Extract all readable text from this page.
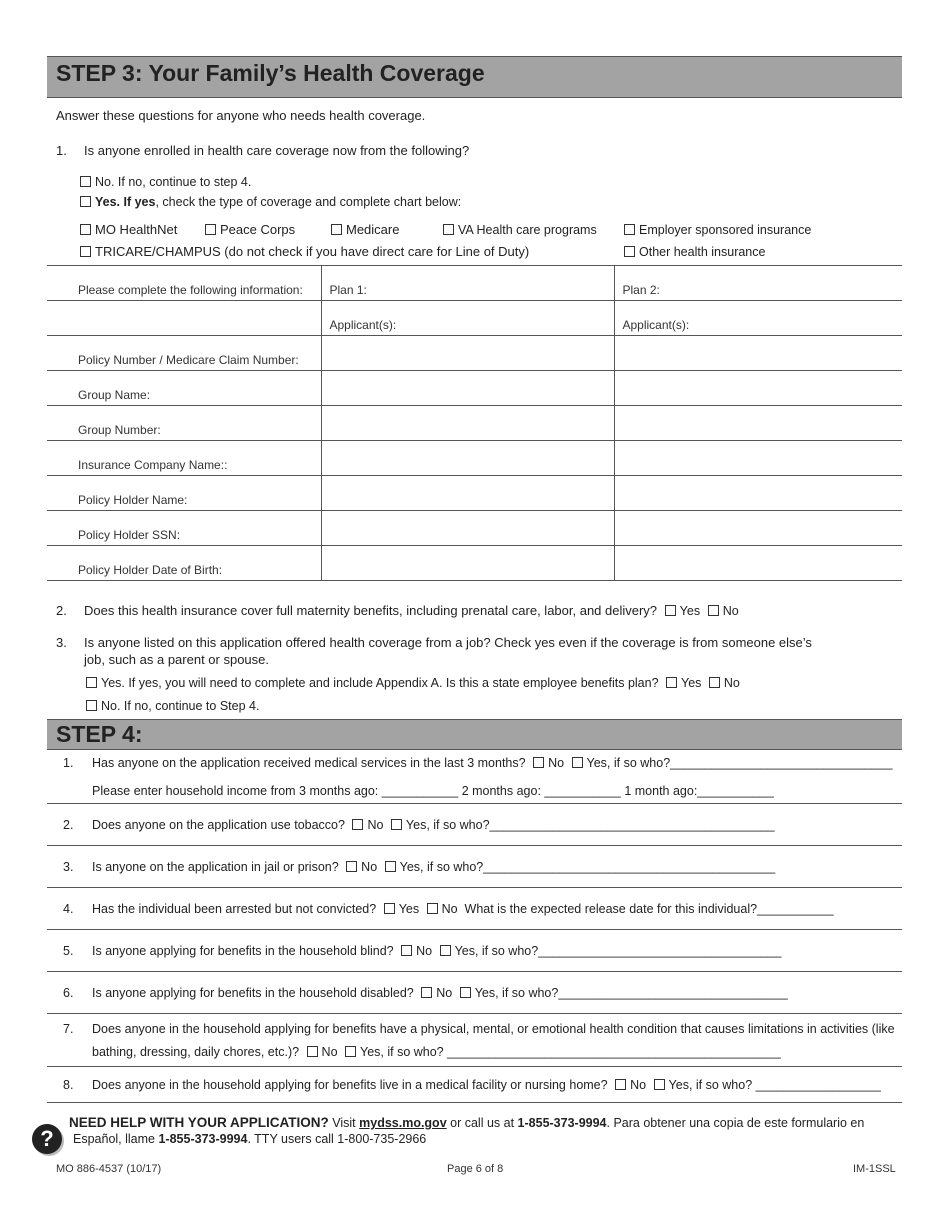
STEP 3: Your Family’s Health Coverage
Answer these questions for anyone who needs health coverage.
1. Is anyone enrolled in health care coverage now from the following?
No. If no, continue to step 4.
Yes. If yes, check the type of coverage and complete chart below:
MO HealthNet	Peace Corps	Medicare	VA Health care programs	Employer sponsored insurance
TRICARE/CHAMPUS (do not check if you have direct care for Line of Duty)	Other health insurance
Please complete the following information:	Plan 1:	Plan 2:
	Applicant(s):	Applicant(s):
Policy Number / Medicare Claim Number:		
Group Name:		
Group Number:		
Insurance Company Name::		
Policy Holder Name:		
Policy Holder SSN:		
Policy Holder Date of Birth:		
2. Does this health insurance cover full maternity benefits, including prenatal care, labor, and delivery? Yes No
3. Is anyone listed on this application offered health coverage from a job? Check yes even if the coverage is from someone else’s
job, such as a parent or spouse.
Yes. If yes, you will need to complete and include Appendix A. Is this a state employee benefits plan? Yes No
No. If no, continue to Step 4.
STEP 4:
1. Has anyone on the application received medical services in the last 3 months? No Yes, if so who?________________________________
Please enter household income from 3 months ago: ___________ 2 months ago: ___________ 1 month ago:___________
2. Does anyone on the application use tobacco? No Yes, if so who?_________________________________________
3. Is anyone on the application in jail or prison? No Yes, if so who?__________________________________________
4. Has the individual been arrested but not convicted? Yes No What is the expected release date for this individual?___________
5. Is anyone applying for benefits in the household blind? No Yes, if so who?___________________________________
6. Is anyone applying for benefits in the household disabled? No Yes, if so who?_________________________________
7. Does anyone in the household applying for benefits have a physical, mental, or emotional health condition that causes limitations in activities (like
bathing, dressing, daily chores, etc.)? No Yes, if so who? ________________________________________________
8. Does anyone in the household applying for benefits live in a medical facility or nursing home? No Yes, if so who? __________________
?
NEED HELP WITH YOUR APPLICATION? Visit mydss.mo.gov or call us at 1-855-373-9994. Para obtener una copia de este formulario en
Español, llame 1-855-373-9994. TTY users call 1-800-735-2966
MO 886-4537 (10/17)	Page 6 of 8	IM-1SSL
